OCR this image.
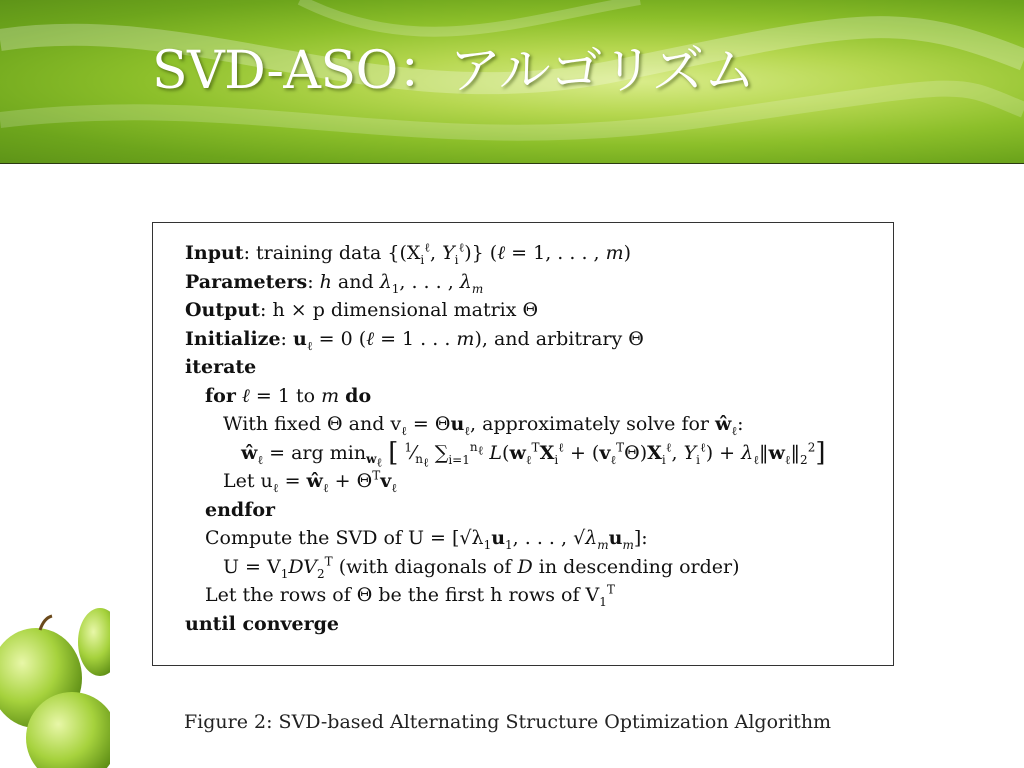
SVD-ASO：アルゴリズム
Input: training data {($X_i^\ell$, $Y_i^\ell$)} (ℓ = 1, . . . , m)
Parameters: h and $\lambda_1$, . . . , $\lambda_m$
Output: h × p dimensional matrix Θ
Initialize: $u_\ell = 0$ (ℓ = 1 . . . m), and arbitrary Θ
iterate
for ℓ = 1 to m do
With fixed Θ and $v_\ell = \Theta u_\ell$, approximately solve for $ŵ_\ell$:
$ŵ_\ell$ = arg $\min_{w_\ell}$ [ $^1⁄_{n_\ell}$ $\sum_{i=1}^{n_\ell}$ $L(w_\ell^TX_i^\ell + (v_\ell^T\Theta)X_i^\ell$, $Y_i^\ell$) + $\lambda_\ell‖w_\ell‖_2^2$]
Let $u_\ell$ = $ŵ_\ell + \Theta^Tv_\ell$
endfor
Compute the SVD of $U = [√\lambda_1u_1$, . . . , $√\lambda_mu_m$]:
$U = V_1DV_2^T$ (with diagonals of D in descending order)
Let the rows of Θ be the first h rows of $V_1^T$
until converge
Figure 2: SVD-based Alternating Structure Optimization Algorithm
